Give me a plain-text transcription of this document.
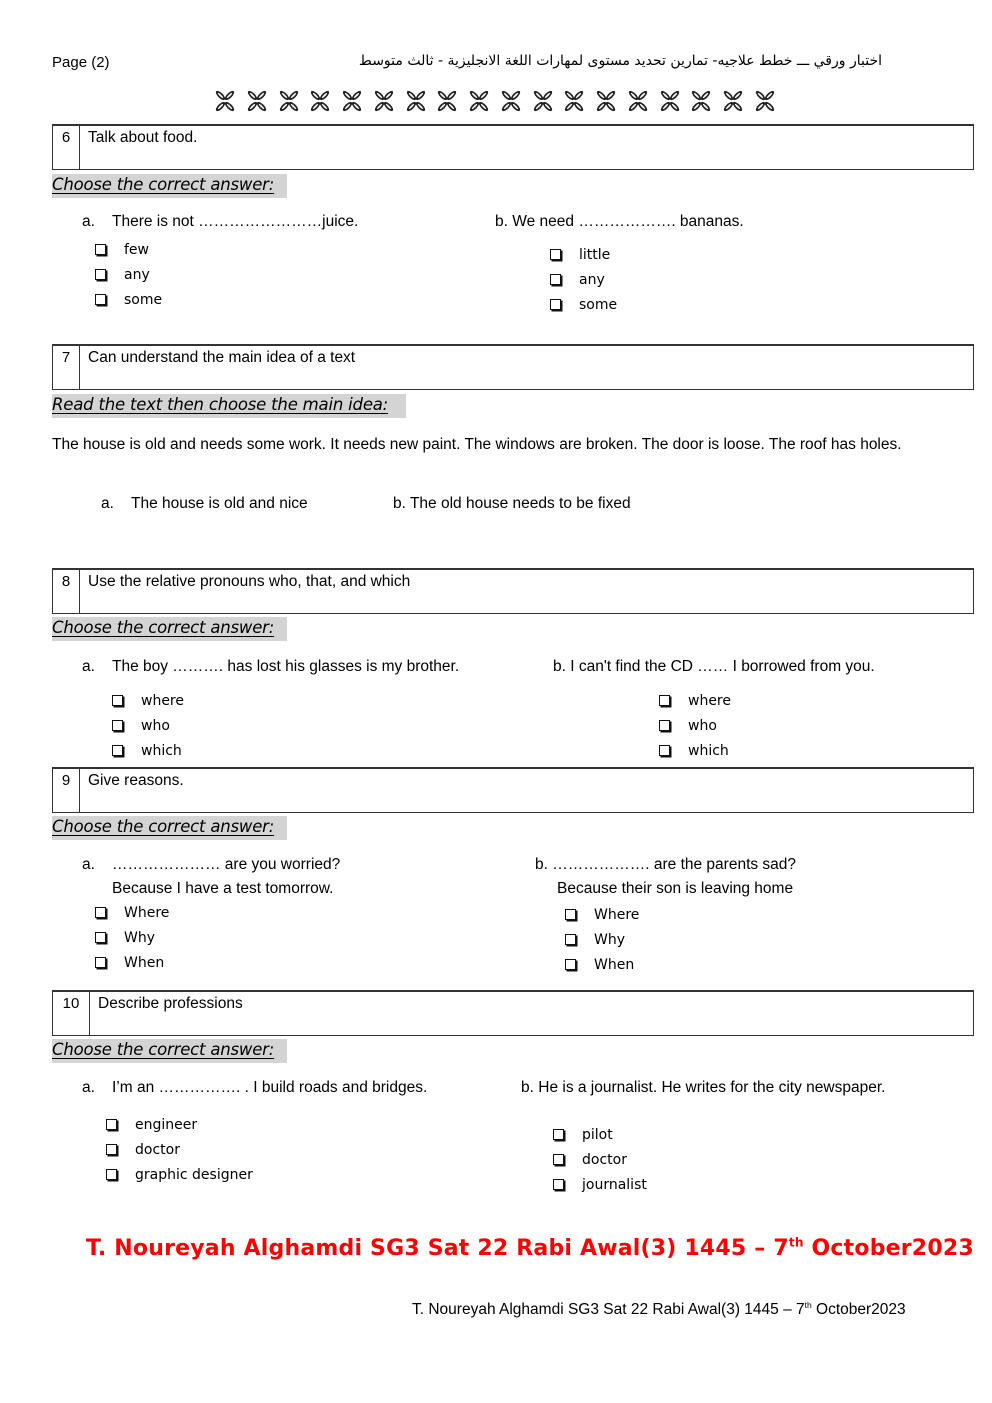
Page (2)	اختبار ورقي ـــ خطط علاجيه- تمارين تحديد مستوى لمهارات اللغة الانجليزية - ثالث متوسط
6	Talk about food.
Choose the correct answer:
a. There is not ……………………juice.
few
any
some
b. We need ………………. bananas.
little
any
some
7	Can understand the main idea of a text
Read the text then choose the main idea:
The house is old and needs some work. It needs new paint. The windows are broken. The door is loose. The roof has holes.
a. The house is old and nice	b. The old house needs to be fixed
8	Use the relative pronouns who, that, and which
Choose the correct answer:
a. The boy ………. has lost his glasses is my brother.
where
who
which
b. I can't find the CD …… I borrowed from you.
where
who
which
9	Give reasons.
Choose the correct answer:
a. ………………… are you worried?
Because I have a test tomorrow.
Where
Why
When
b. ………………. are the parents sad?
Because their son is leaving home
Where
Why
When
10	Describe professions
Choose the correct answer:
a. I’m an ……………. . I build roads and bridges.
engineer
doctor
graphic designer
b. He is a journalist. He writes for the city newspaper.
pilot
doctor
journalist
T. Noureyah Alghamdi SG3 Sat 22 Rabi Awal(3) 1445 – 7th October2023
T. Noureyah Alghamdi SG3 Sat 22 Rabi Awal(3) 1445 – 7th October2023
